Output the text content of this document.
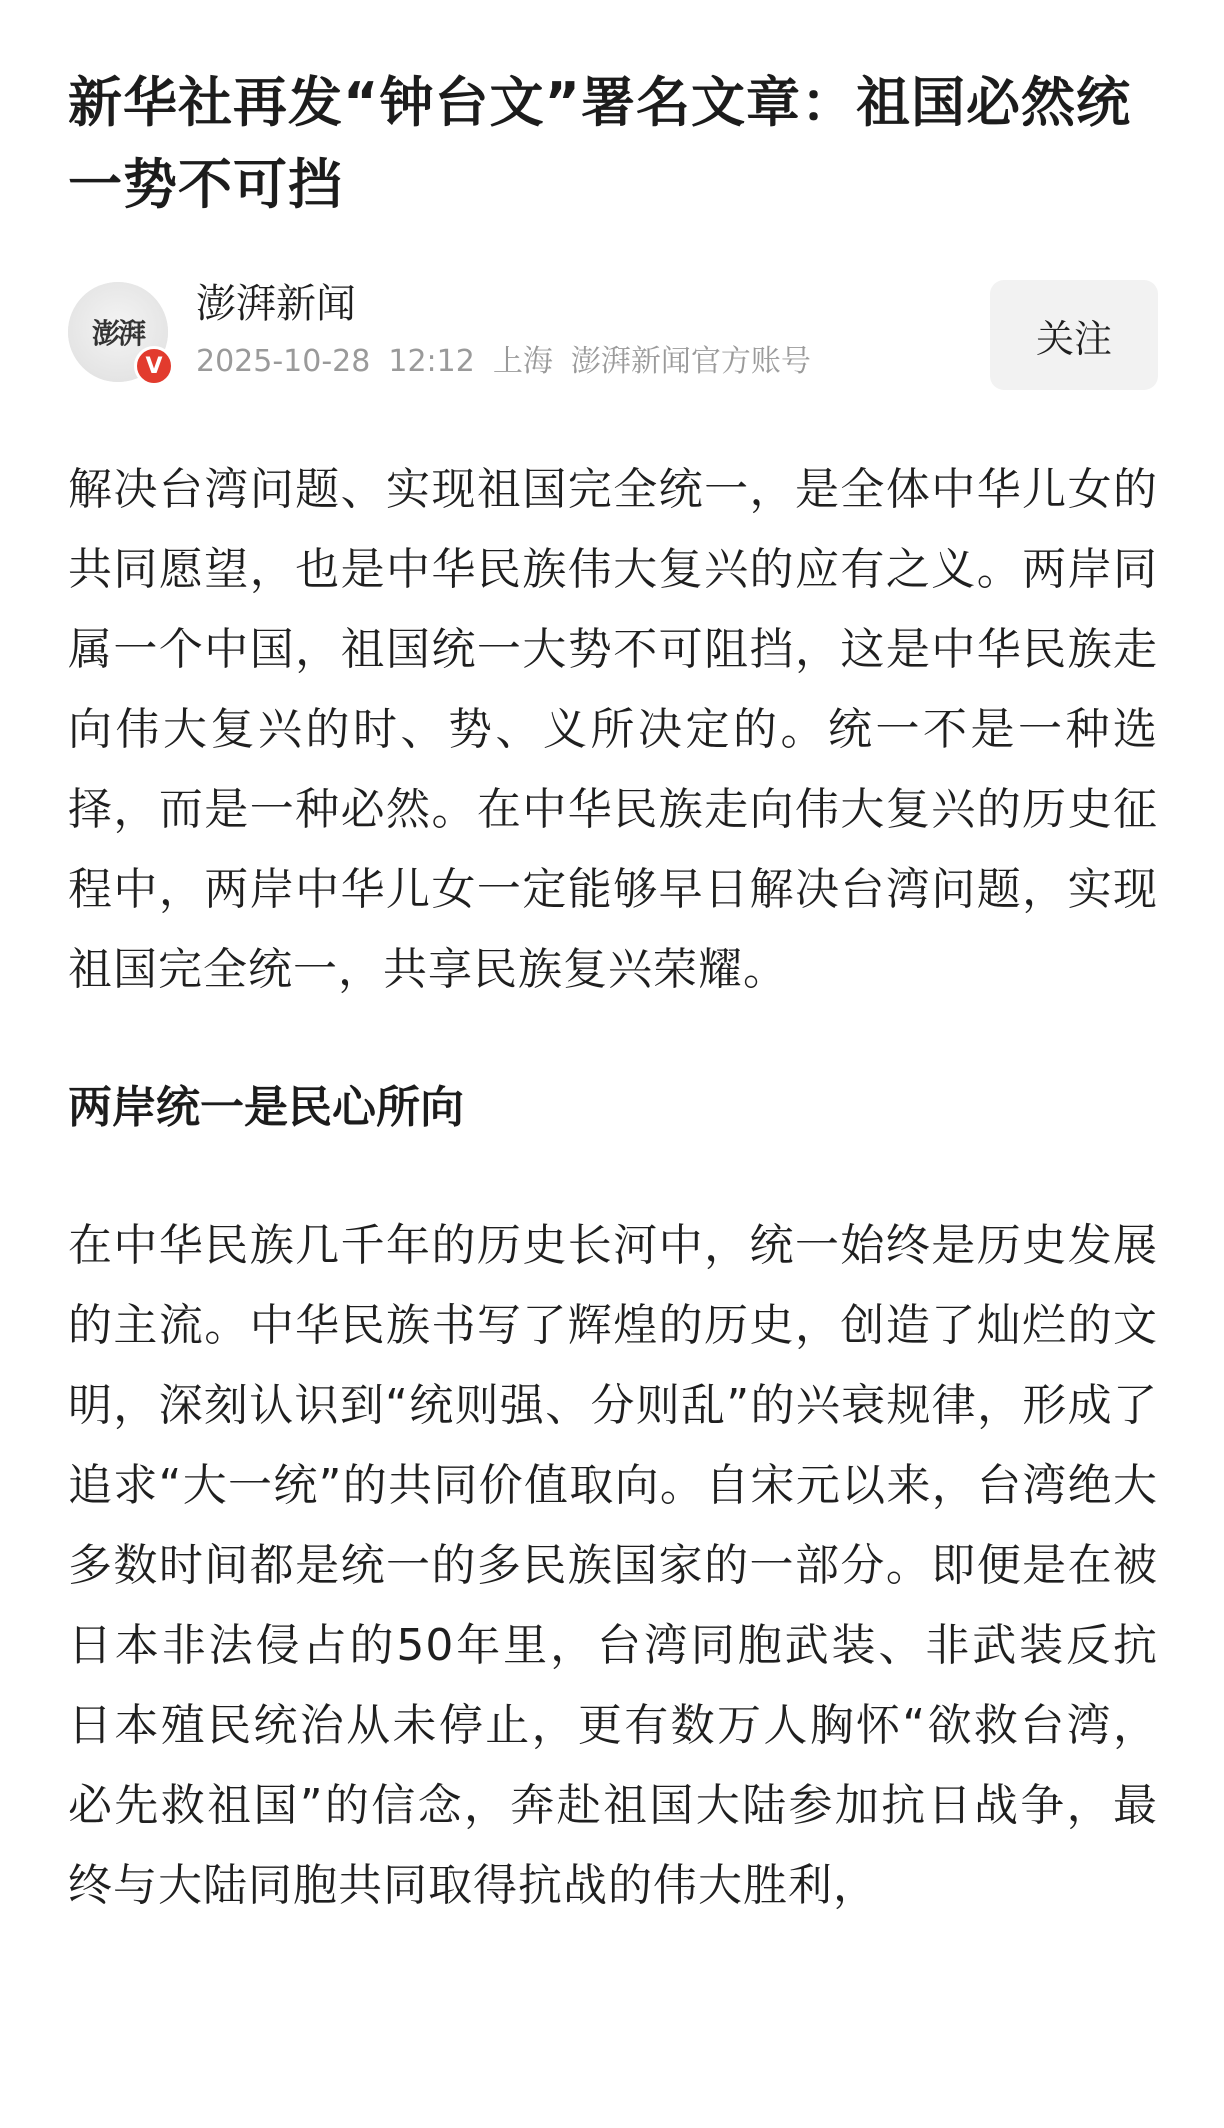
新华社再发“钟台文”署名文章：祖国必然统一势不可挡
澎湃
V
澎湃新闻
2025-10-28 12:12 上海 澎湃新闻官方账号
关注

解决台湾问题、实现祖国完全统一，是全体中华儿女的共同愿望，也是中华民族伟大复兴的应有之义。两岸同属一个中国，祖国统一大势不可阻挡，这是中华民族走向伟大复兴的时、势、义所决定的。统一不是一种选择，而是一种必然。在中华民族走向伟大复兴的历史征程中，两岸中华儿女一定能够早日解决台湾问题，实现祖国完全统一，共享民族复兴荣耀。

两岸统一是民心所向

在中华民族几千年的历史长河中，统一始终是历史发展的主流。中华民族书写了辉煌的历史，创造了灿烂的文明，深刻认识到“统则强、分则乱”的兴衰规律，形成了追求“大一统”的共同价值取向。自宋元以来，台湾绝大多数时间都是统一的多民族国家的一部分。即便是在被日本非法侵占的50年里，台湾同胞武装、非武装反抗日本殖民统治从未停止，更有数万人胸怀“欲救台湾，必先救祖国”的信念，奔赴祖国大陆参加抗日战争，最终与大陆同胞共同取得抗战的伟大胜利，
